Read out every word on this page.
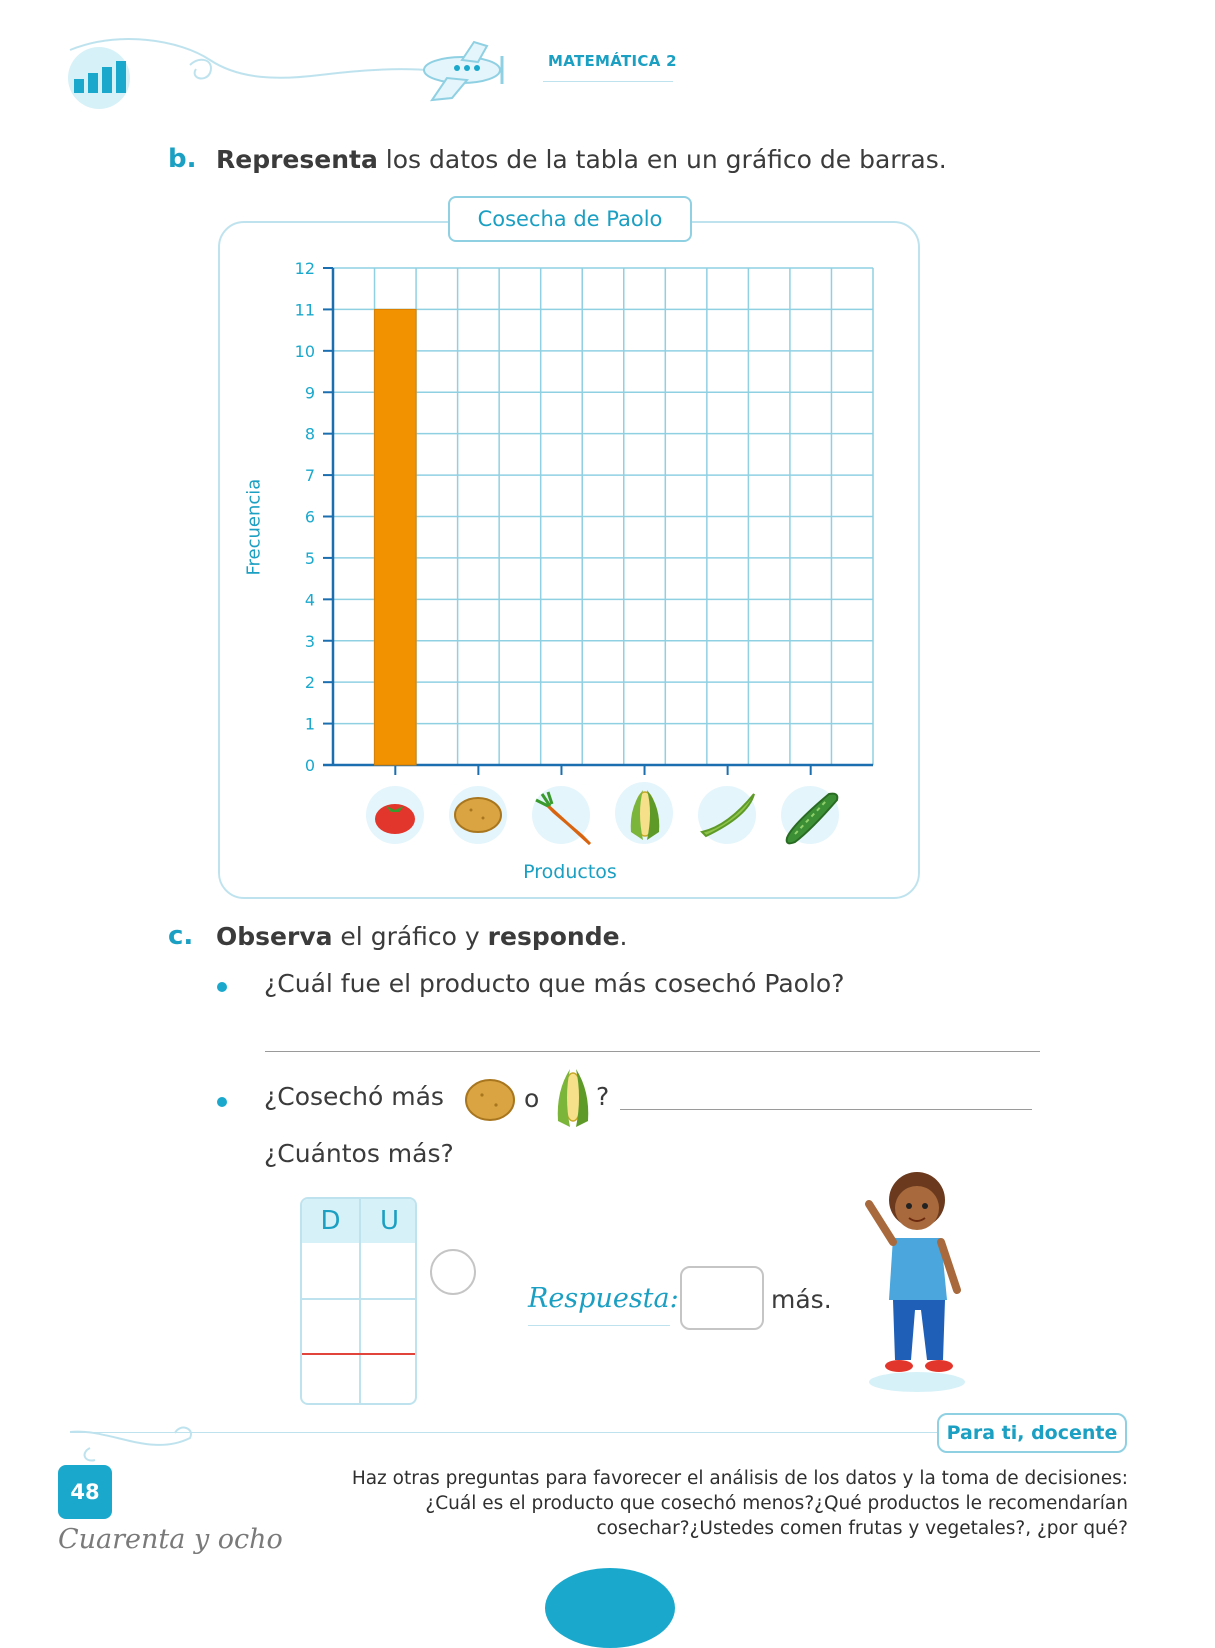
MATEMÁTICA 2
b. Representa los datos de la tabla en un gráfico de barras.
Cosecha de Paolo
Frecuencia
0
1
2
3
4
5
6
7
8
9
10
11
12
Productos
c. Observa el gráfico y responde.
¿Cuál fue el producto que más cosechó Paolo?
¿Cosechó más	o ?
¿Cuántos más?
D	U
Respuesta:	más.
Para ti, docente
Haz otras preguntas para favorecer el análisis de los datos y la toma de decisiones:
¿Cuál es el producto que cosechó menos?¿Qué productos le recomendarían
cosechar?¿Ustedes comen frutas y vegetales?, ¿por qué?
48
Cuarenta y ocho
